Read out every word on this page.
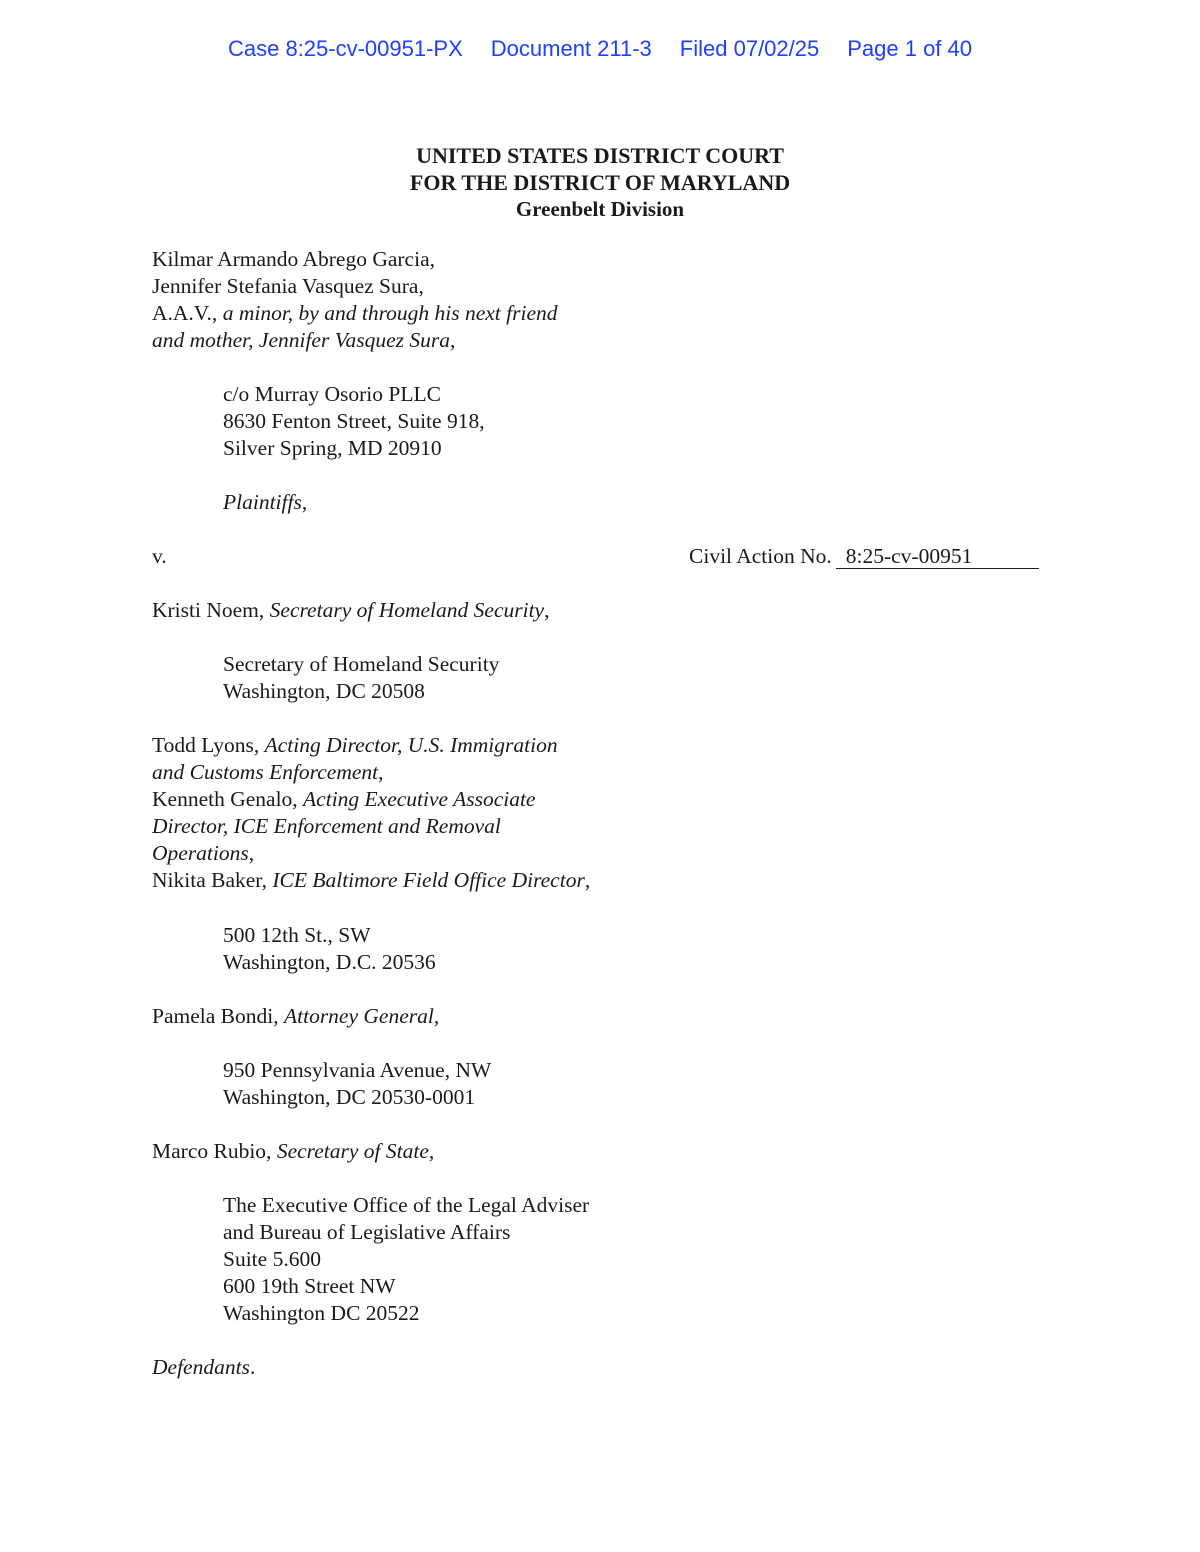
Case 8:25-cv-00951-PX Document 211-3 Filed 07/02/25 Page 1 of 40
UNITED STATES DISTRICT COURT
FOR THE DISTRICT OF MARYLAND
Greenbelt Division
Kilmar Armando Abrego Garcia,
Jennifer Stefania Vasquez Sura,
A.A.V., a minor, by and through his next friend
and mother, Jennifer Vasquez Sura,
c/o Murray Osorio PLLC
8630 Fenton Street, Suite 918,
Silver Spring, MD 20910
Plaintiffs,
v.	Civil Action No. 8:25-cv-00951
Kristi Noem, Secretary of Homeland Security,
Secretary of Homeland Security
Washington, DC 20508
Todd Lyons, Acting Director, U.S. Immigration
and Customs Enforcement,
Kenneth Genalo, Acting Executive Associate
Director, ICE Enforcement and Removal
Operations,
Nikita Baker, ICE Baltimore Field Office Director,
500 12th St., SW
Washington, D.C. 20536
Pamela Bondi, Attorney General,
950 Pennsylvania Avenue, NW
Washington, DC 20530-0001
Marco Rubio, Secretary of State,
The Executive Office of the Legal Adviser
and Bureau of Legislative Affairs
Suite 5.600
600 19th Street NW
Washington DC 20522
Defendants.
